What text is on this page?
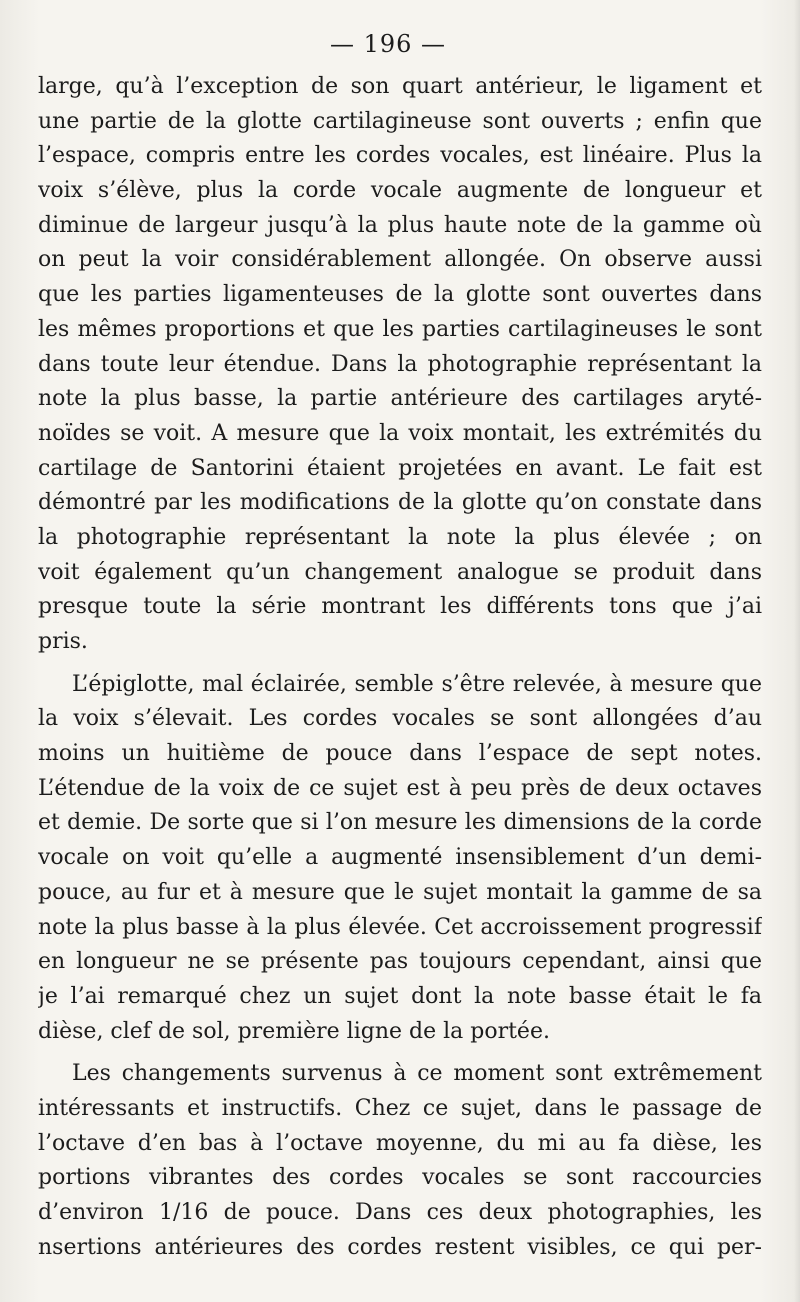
— 196 —
large, qu’à l’exception de son quart antérieur, le ligament et
une partie de la glotte cartilagineuse sont ouverts ; enfin que
l’espace, compris entre les cordes vocales, est linéaire. Plus la
voix s’élève, plus la corde vocale augmente de longueur et
diminue de largeur jusqu’à la plus haute note de la gamme où
on peut la voir considérablement allongée. On observe aussi
que les parties ligamenteuses de la glotte sont ouvertes dans
les mêmes proportions et que les parties cartilagineuses le sont
dans toute leur étendue. Dans la photographie représentant la
note la plus basse, la partie antérieure des cartilages aryté-
noïdes se voit. A mesure que la voix montait, les extrémités du
cartilage de Santorini étaient projetées en avant. Le fait est
démontré par les modifications de la glotte qu’on constate dans
la photographie représentant la note la plus élevée ; on
voit également qu’un changement analogue se produit dans
presque toute la série montrant les différents tons que j’ai
pris.
L’épiglotte, mal éclairée, semble s’être relevée, à mesure que
la voix s’élevait. Les cordes vocales se sont allongées d’au
moins un huitième de pouce dans l’espace de sept notes.
L’étendue de la voix de ce sujet est à peu près de deux octaves
et demie. De sorte que si l’on mesure les dimensions de la corde
vocale on voit qu’elle a augmenté insensiblement d’un demi-
pouce, au fur et à mesure que le sujet montait la gamme de sa
note la plus basse à la plus élevée. Cet accroissement progressif
en longueur ne se présente pas toujours cependant, ainsi que
je l’ai remarqué chez un sujet dont la note basse était le fa
dièse, clef de sol, première ligne de la portée.
Les changements survenus à ce moment sont extrêmement
intéressants et instructifs. Chez ce sujet, dans le passage de
l’octave d’en bas à l’octave moyenne, du mi au fa dièse, les
portions vibrantes des cordes vocales se sont raccourcies
d’environ 1/16 de pouce. Dans ces deux photographies, les
nsertions antérieures des cordes restent visibles, ce qui per-
